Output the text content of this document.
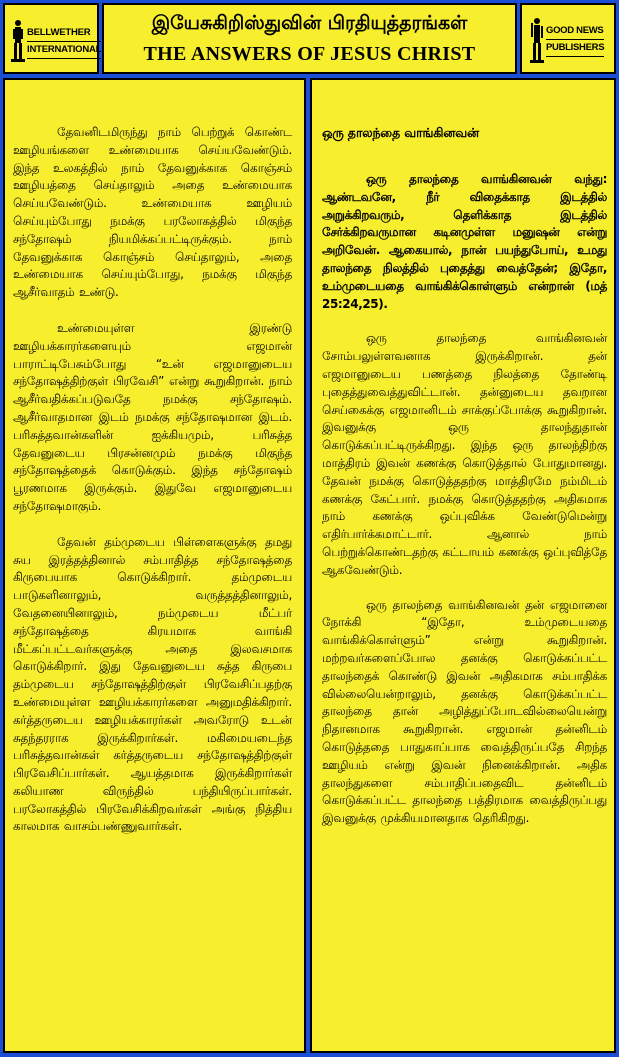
BELLWETHER
INTERNATIONAL
இயேசுகிறிஸ்துவின் பிரதியுத்தரங்கள்
THE ANSWERS OF JESUS CHRIST
GOOD NEWS
PUBLISHERS

தேவனிடமிருந்து நாம் பெற்றுக் கொண்ட ஊழியங்களை உண்மையாக செய்யவேண்டும். இந்த உலகத்தில் நாம் தேவனுக்காக கொஞ்சம் ஊழியத்தை செய்தாலும் அதை உண்மையாக செய்யவேண்டும். உண்மையாக ஊழியம் செய்யும்போது நமக்கு பரலோகத்தில் மிகுந்த சந்தோஷம் நியமிக்கப்பட்டிருக்கும். நாம் தேவனுக்காக கொஞ்சம் செய்தாலும், அதை உண்மையாக செய்யும்போது, நமக்கு மிகுந்த ஆசீர்வாதம் உண்டு.

உண்மையுள்ள இரண்டு ஊழியக்காரர்களையும் எஜமான் பாராட்டிபேசும்போது “உன் எஜமானுடைய சந்தோஷத்திற்குள் பிரவேசி” என்று கூறுகிறான். நாம் ஆசீர்வதிக்கப்படுவதே நமக்கு சந்தோஷம். ஆசீர்வாதமான இடம் நமக்கு சந்தோஷமான இடம். பரிசுத்தவான்களின் ஐக்கியமும், பரிசுத்த தேவனுடைய பிரசன்னமும் நமக்கு மிகுந்த சந்தோஷத்தைக் கொடுக்கும். இந்த சந்தோஷம் பூரணமாக இருக்கும். இதுவே எஜமானுடைய சந்தோஷமாகும்.

தேவன் தம்முடைய பிள்ளைகளுக்கு தமது சுய இரத்தத்தினால் சம்பாதித்த சந்தோஷத்தை கிருபையாக கொடுக்கிறார். தம்முடைய பாடுகளினாலும், வருத்தத்தினாலும், வேதனையினாலும், நம்முடைய மீட்பர் சந்தோஷத்தை கிரயமாக வாங்கி மீட்கப்பட்டவர்களுக்கு அதை இலவசமாக கொடுக்கிறார். இது தேவனுடைய சுத்த கிருபை தம்முடைய சந்தோஷத்திற்குள் பிரவேசிப்பதற்கு உண்மையுள்ள ஊழியக்காரர்களை அனுமதிக்கிறார். கர்த்தருடைய ஊழியக்காரர்கள் அவரோடு உடன் சுதந்தரராக இருக்கிறார்கள். மகிமையடைந்த பரிசுத்தவான்கள் கர்த்தருடைய சந்தோஷத்திற்குள் பிரவேசிப்பார்கள். ஆயத்தமாக இருக்கிறார்கள் கலியாண விருந்தில் பந்தியிருப்பார்கள். பரலோகத்தில் பிரவேசிக்கிறவர்கள் அங்கு நித்திய காலமாக வாசம்பண்ணுவார்கள்.

ஒரு தாலந்தை வாங்கினவன்

ஒரு தாலந்தை வாங்கினவன் வந்து: ஆண்டவனே, நீர் விதைக்காத இடத்தில் அறுக்கிறவரும், தெளிக்காத இடத்தில் சேர்க்கிறவருமான கடினமுள்ள மனுஷன் என்று அறிவேன். ஆகையால், நான் பயந்துபோய், உமது தாலந்தை நிலத்தில் புதைத்து வைத்தேன்; இதோ, உம்முடையதை வாங்கிக்கொள்ளும் என்றான் (மத் 25:24,25).

ஒரு தாலந்தை வாங்கினவன் சோம்பலுள்ளவனாக இருக்கிறான். தன் எஜமானுடைய பணத்தை நிலத்தை தோண்டி புதைத்துவைத்துவிட்டான். தன்னுடைய தவறான செய்கைக்கு எஜமானிடம் சாக்குப்போக்கு கூறுகிறான். இவனுக்கு ஒரு தாலந்துதான் கொடுக்கப்பட்டிருக்கிறது. இந்த ஒரு தாலந்திற்கு மாத்திரம் இவன் கணக்கு கொடுத்தால் போதுமானது. தேவன் நமக்கு கொடுத்ததற்கு மாத்திரமே நம்மிடம் கணக்கு கேட்பார். நமக்கு கொடுத்ததற்கு அதிகமாக நாம் கணக்கு ஒப்புவிக்க வேண்டுமென்று எதிர்பார்க்கமாட்டார். ஆனால் நாம் பெற்றுக்கொண்டதற்கு கட்டாயம் கணக்கு ஒப்புவித்தே ஆகவேண்டும்.

ஒரு தாலந்தை வாங்கினவன் தன் எஜமானை நோக்கி “இதோ, உம்முடையதை வாங்கிக்கொள்ளும்” என்று கூறுகிறான். மற்றவர்களைப்போல தனக்கு கொடுக்கப்பட்ட தாலந்தைக் கொண்டு இவன் அதிகமாக சம்பாதிக்க வில்லையென்றாலும், தனக்கு கொடுக்கப்பட்ட தாலந்தை தான் அழித்துப்போடவில்லையென்று நிதானமாக கூறுகிறான். எஜமான் தன்னிடம் கொடுத்ததை பாதுகாப்பாக வைத்திருப்பதே சிறந்த ஊழியம் என்று இவன் நினைக்கிறான். அதிக தாலந்துகளை சம்பாதிப்பதைவிட தன்னிடம் கொடுக்கப்பட்ட தாலந்தை பத்திரமாக வைத்திருப்பது இவனுக்கு முக்கியமானதாக தெரிகிறது.
